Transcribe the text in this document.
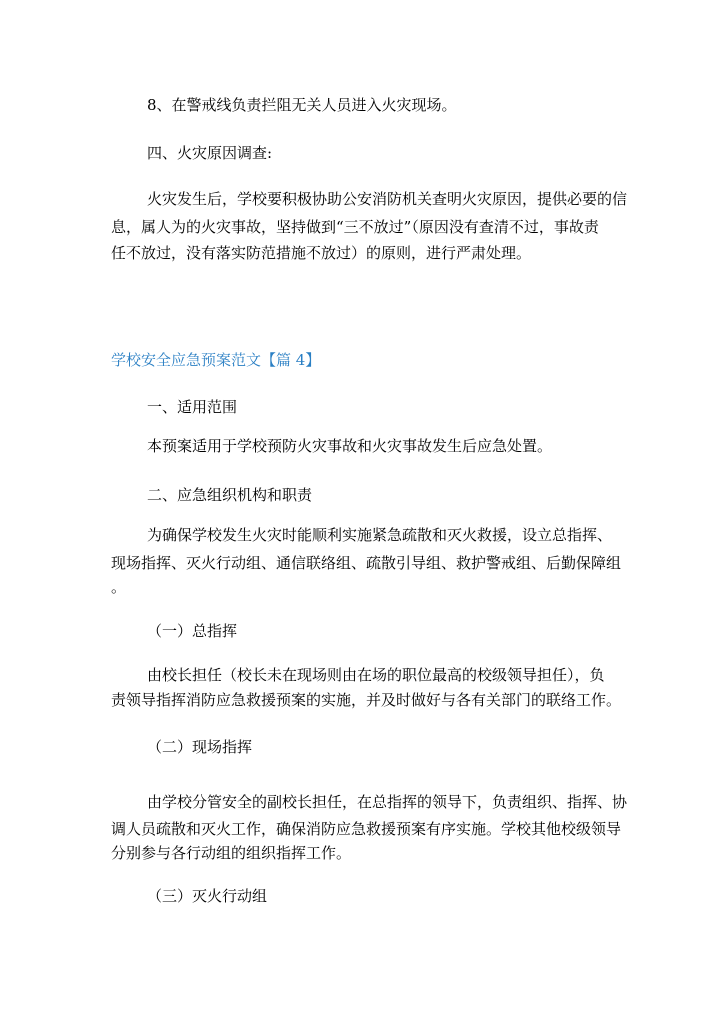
8、在警戒线负责拦阻无关人员进入火灾现场。

四、火灾原因调查:

火灾发生后，学校要积极协助公安消防机关查明火灾原因，提供必要的信

息，属人为的火灾事故，坚持做到“三不放过”（原因没有查清不过，事故责

任不放过，没有落实防范措施不放过）的原则，进行严肃处理。

学校安全应急预案范文【篇 4】

一、适用范围

本预案适用于学校预防火灾事故和火灾事故发生后应急处置。

二、应急组织机构和职责

为确保学校发生火灾时能顺利实施紧急疏散和灭火救援，设立总指挥、

现场指挥、灭火行动组、通信联络组、疏散引导组、救护警戒组、后勤保障组

。

（一）总指挥

由校长担任（校长未在现场则由在场的职位最高的校级领导担任），负

责领导指挥消防应急救援预案的实施，并及时做好与各有关部门的联络工作。

（二）现场指挥

由学校分管安全的副校长担任，在总指挥的领导下，负责组织、指挥、协

调人员疏散和灭火工作，确保消防应急救援预案有序实施。学校其他校级领导

分别参与各行动组的组织指挥工作。

（三）灭火行动组
